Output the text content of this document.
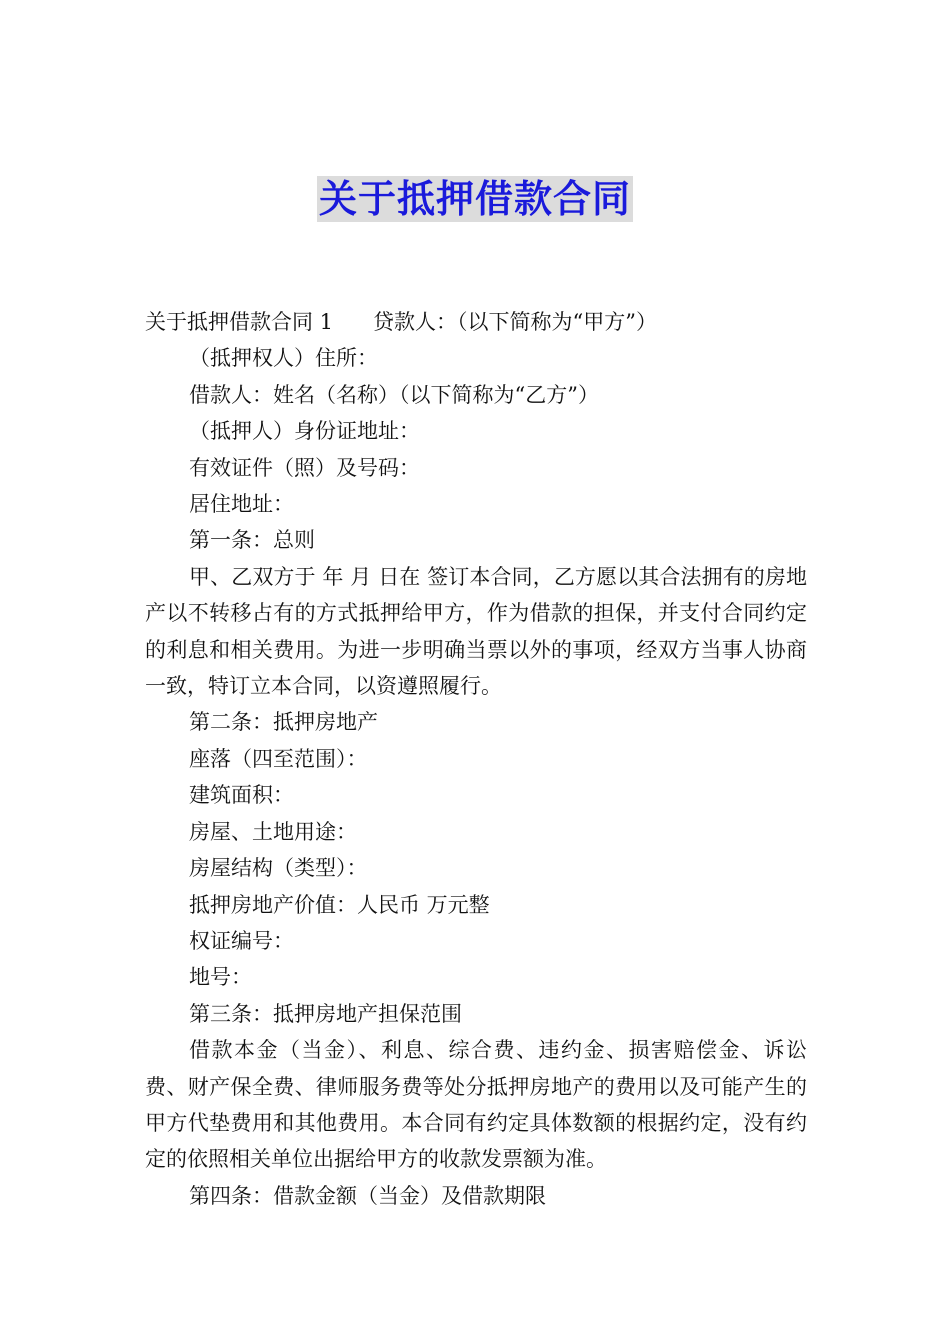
关于抵押借款合同

关于抵押借款合同 1 贷款人：（以下简称为“甲方”）

（抵押权人）住所：

借款人：姓名（名称）（以下简称为“乙方”）

（抵押人）身份证地址：

有效证件（照）及号码：

居住地址：

第一条：总则

甲、乙双方于 年 月 日在 签订本合同，乙方愿以其合法拥有的房地产以不转移占有的方式抵押给甲方，作为借款的担保，并支付合同约定的利息和相关费用。为进一步明确当票以外的事项，经双方当事人协商一致，特订立本合同，以资遵照履行。

第二条：抵押房地产

座落（四至范围）：

建筑面积：

房屋、土地用途：

房屋结构（类型）：

抵押房地产价值：人民币 万元整

权证编号：

地号：

第三条：抵押房地产担保范围

借款本金（当金）、利息、综合费、违约金、损害赔偿金、诉讼费、财产保全费、律师服务费等处分抵押房地产的费用以及可能产生的甲方代垫费用和其他费用。本合同有约定具体数额的根据约定，没有约定的依照相关单位出据给甲方的收款发票额为准。

第四条：借款金额（当金）及借款期限
